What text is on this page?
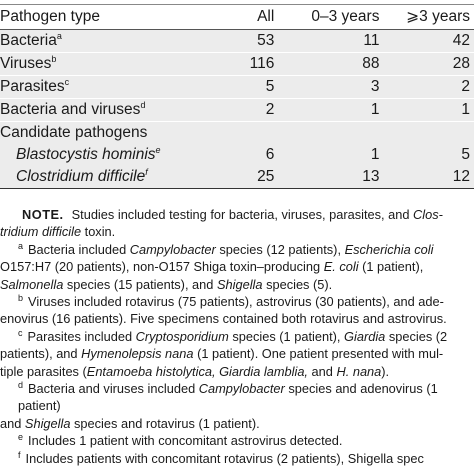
Pathogen type	All	0–3 years	⩾3 years
Bacteria$^a$	53	11	42
Viruses$^b$	116	88	28
Parasites$^c$	5	3	2
Bacteria and viruses$^d$	2	1	1
Candidate pathogens			
Blastocystis hominis$^e$	6	1	5
Clostridium difficile$^f$	25	13	12

NOTE. Studies included testing for bacteria, viruses, parasites, and Clos-

tridium difficile toxin.

$^a$ Bacteria included Campylobacter species (12 patients), Escherichia coli

O157:H7 (20 patients), non-O157 Shiga toxin–producing E. coli (1 patient),

Salmonella species (15 patients), and Shigella species (5).

$^b$ Viruses included rotavirus (75 patients), astrovirus (30 patients), and ade-

enovirus (16 patients). Five specimens contained both rotavirus and astrovirus.

$^c$ Parasites included Cryptosporidium species (1 patient), Giardia species (2

patients), and Hymenolepsis nana (1 patient). One patient presented with mul-

tiple parasites (Entamoeba histolytica, Giardia lamblia, and H. nana).

$^d$ Bacteria and viruses included Campylobacter species and adenovirus (1 patient)

and Shigella species and rotavirus (1 patient).

$^e$ Includes 1 patient with concomitant astrovirus detected.

$^f$ Includes patients with concomitant rotavirus (2 patients), Shigella spec
